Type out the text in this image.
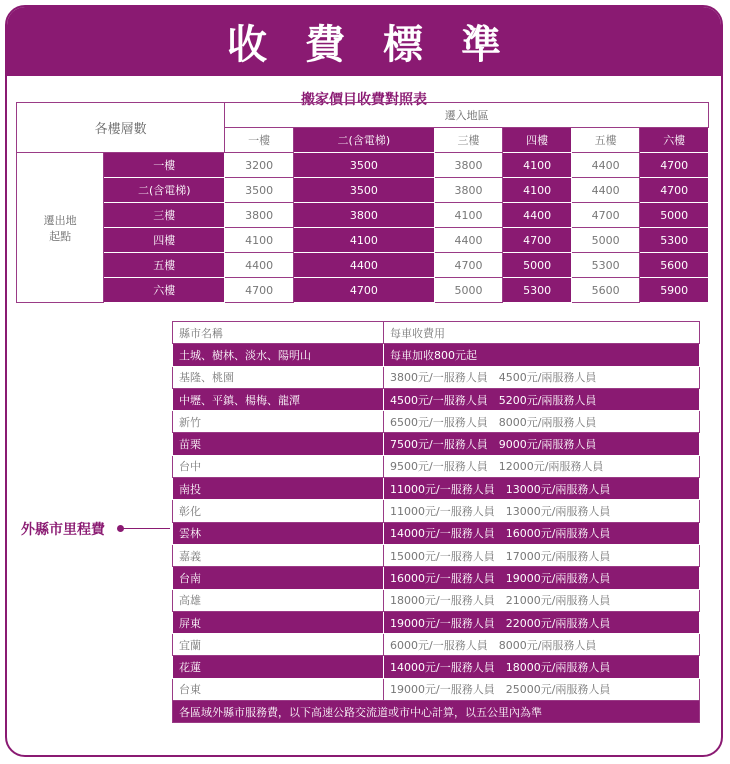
收費標準
搬家價目收費對照表
各樓層數		遷入地區					
		一樓	二(含電梯)	三樓	四樓	五樓	六樓

遷出地
起點	一樓	3200	3500	3800	4100	4400	4700
	二(含電梯)	3500	3500	3800	4100	4400	4700
	三樓	3800	3800	4100	4400	4700	5000
	四樓	4100	4100	4400	4700	5000	5300
	五樓	4400	4400	4700	5000	5300	5600
	六樓	4700	4700	5000	5300	5600	5900
縣市名稱	每車收費用
土城、樹林、淡水、陽明山	每車加收800元起
基隆、桃園	3800元/一服務人員　4500元/兩服務人員
中壢、平鎮、楊梅、龍潭	4500元/一服務人員　5200元/兩服務人員
新竹	6500元/一服務人員　8000元/兩服務人員
苗栗	7500元/一服務人員　9000元/兩服務人員
台中	9500元/一服務人員　12000元/兩服務人員
南投	11000元/一服務人員　13000元/兩服務人員
彰化	11000元/一服務人員　13000元/兩服務人員
雲林	14000元/一服務人員　16000元/兩服務人員
嘉義	15000元/一服務人員　17000元/兩服務人員
台南	16000元/一服務人員　19000元/兩服務人員
高雄	18000元/一服務人員　21000元/兩服務人員
屏東	19000元/一服務人員　22000元/兩服務人員
宜蘭	6000元/一服務人員　8000元/兩服務人員
花蓮	14000元/一服務人員　18000元/兩服務人員
台東	19000元/一服務人員　25000元/兩服務人員
各區域外縣市服務費，以下高速公路交流道或市中心計算，以五公里內為準	
外縣市里程費
